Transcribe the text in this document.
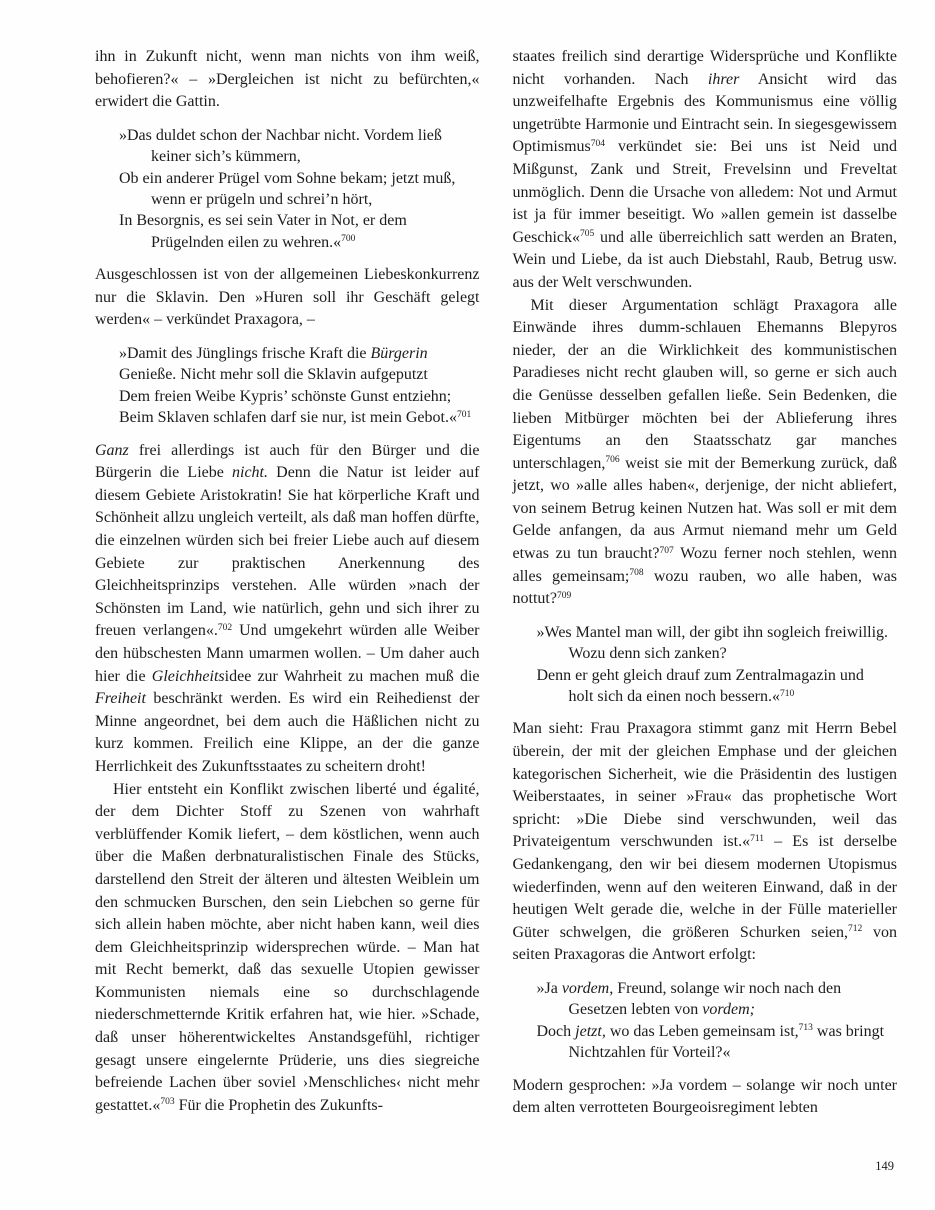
ihn in Zukunft nicht, wenn man nichts von ihm weiß, behofieren?« – »Dergleichen ist nicht zu befürchten,« erwidert die Gattin.

»Das duldet schon der Nachbar nicht. Vordem ließ
keiner sich’s kümmern,
Ob ein anderer Prügel vom Sohne bekam; jetzt muß,
wenn er prügeln und schrei’n hört,
In Besorgnis, es sei sein Vater in Not, er dem
Prügelnden eilen zu wehren.«$^{700}$

Ausgeschlossen ist von der allgemeinen Liebeskonkurrenz nur die Sklavin. Den »Huren soll ihr Geschäft gelegt werden« – verkündet Praxagora, –

»Damit des Jünglings frische Kraft die Bürgerin
Genieße. Nicht mehr soll die Sklavin aufgeputzt
Dem freien Weibe Kypris’ schönste Gunst entziehn;
Beim Sklaven schlafen darf sie nur, ist mein Gebot.«$^{701}$

Ganz frei allerdings ist auch für den Bürger und die Bürgerin die Liebe nicht. Denn die Natur ist leider auf diesem Gebiete Aristokratin! Sie hat körperliche Kraft und Schönheit allzu ungleich verteilt, als daß man hoffen dürfte, die einzelnen würden sich bei freier Liebe auch auf diesem Gebiete zur praktischen Anerkennung des Gleichheitsprinzips verstehen. Alle würden »nach der Schönsten im Land, wie natürlich, gehn und sich ihrer zu freuen verlangen«.$^{702}$ Und umgekehrt würden alle Weiber den hübschesten Mann umarmen wollen. – Um daher auch hier die Gleichheitsidee zur Wahrheit zu machen muß die Freiheit beschränkt werden. Es wird ein Reihedienst der Minne angeordnet, bei dem auch die Häßlichen nicht zu kurz kommen. Freilich eine Klippe, an der die ganze Herrlichkeit des Zukunftsstaates zu scheitern droht!

Hier entsteht ein Konflikt zwischen liberté und égalité, der dem Dichter Stoff zu Szenen von wahrhaft verblüffender Komik liefert, – dem köstlichen, wenn auch über die Maßen derbnaturalistischen Finale des Stücks, darstellend den Streit der älteren und ältesten Weiblein um den schmucken Burschen, den sein Liebchen so gerne für sich allein haben möchte, aber nicht haben kann, weil dies dem Gleichheitsprinzip widersprechen würde. – Man hat mit Recht bemerkt, daß das sexuelle Utopien gewisser Kommunisten niemals eine so durchschlagende niederschmetternde Kritik erfahren hat, wie hier. »Schade, daß unser höherentwickeltes Anstandsgefühl, richtiger gesagt unsere eingelernte Prüderie, uns dies siegreiche befreiende Lachen über soviel ›Menschliches‹ nicht mehr gestattet.«$^{703}$ Für die Prophetin des Zukunfts-

staates freilich sind derartige Widersprüche und Konflikte nicht vorhanden. Nach ihrer Ansicht wird das unzweifelhafte Ergebnis des Kommunismus eine völlig ungetrübte Harmonie und Eintracht sein. In siegesgewissem Optimismus$^{704}$ verkündet sie: Bei uns ist Neid und Mißgunst, Zank und Streit, Frevelsinn und Freveltat unmöglich. Denn die Ursache von alledem: Not und Armut ist ja für immer beseitigt. Wo »allen gemein ist dasselbe Geschick«$^{705}$ und alle überreichlich satt werden an Braten, Wein und Liebe, da ist auch Diebstahl, Raub, Betrug usw. aus der Welt verschwunden.

Mit dieser Argumentation schlägt Praxagora alle Einwände ihres dumm-schlauen Ehemanns Blepyros nieder, der an die Wirklichkeit des kommunistischen Paradieses nicht recht glauben will, so gerne er sich auch die Genüsse desselben gefallen ließe. Sein Bedenken, die lieben Mitbürger möchten bei der Ablieferung ihres Eigentums an den Staatsschatz gar manches unterschlagen,$^{706}$ weist sie mit der Bemerkung zurück, daß jetzt, wo »alle alles haben«, derjenige, der nicht abliefert, von seinem Betrug keinen Nutzen hat. Was soll er mit dem Gelde anfangen, da aus Armut niemand mehr um Geld etwas zu tun braucht?$^{707}$ Wozu ferner noch stehlen, wenn alles gemeinsam;$^{708}$ wozu rauben, wo alle haben, was nottut?$^{709}$

»Wes Mantel man will, der gibt ihn sogleich freiwillig.
Wozu denn sich zanken?
Denn er geht gleich drauf zum Zentralmagazin und
holt sich da einen noch bessern.«$^{710}$

Man sieht: Frau Praxagora stimmt ganz mit Herrn Bebel überein, der mit der gleichen Emphase und der gleichen kategorischen Sicherheit, wie die Präsidentin des lustigen Weiberstaates, in seiner »Frau« das prophetische Wort spricht: »Die Diebe sind verschwunden, weil das Privateigentum verschwunden ist.«$^{711}$ – Es ist derselbe Gedankengang, den wir bei diesem modernen Utopismus wiederfinden, wenn auf den weiteren Einwand, daß in der heutigen Welt gerade die, welche in der Fülle materieller Güter schwelgen, die größeren Schurken seien,$^{712}$ von seiten Praxagoras die Antwort erfolgt:

»Ja vordem, Freund, solange wir noch nach den
Gesetzen lebten von vordem;
Doch jetzt, wo das Leben gemeinsam ist,$^{713}$ was bringt
Nichtzahlen für Vorteil?«

Modern gesprochen: »Ja vordem – solange wir noch unter dem alten verrotteten Bourgeoisregiment lebten

149
